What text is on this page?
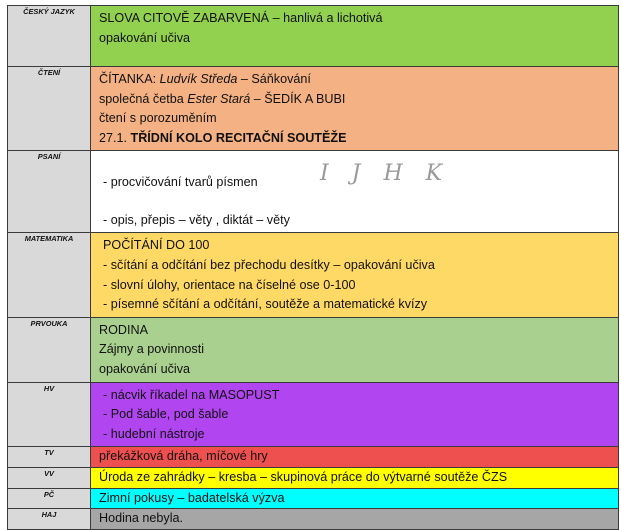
ČESKÝ JAZYK	SLOVA CITOVĚ ZABARVENÁ – hanlivá a lichotivá
opakování učiva

ČTENÍ	ČÍTANKA: Ludvík Středa – Sáňkování
společná četba Ester Stará – ŠEDÍK A BUBI
čtení s porozuměním
27.1. TŘÍDNÍ KOLO RECITAČNÍ SOUTĚŽE

PSANÍ	- procvičování tvarů písmen I J H K
- opis, přepis – věty , diktát – věty

MATEMATIKA	POČÍTÁNÍ DO 100
- sčítání a odčítání bez přechodu desítky – opakování učiva
- slovní úlohy, orientace na číselné ose 0-100
- písemné sčítání a odčítání, soutěže a matematické kvízy

PRVOUKA	RODINA
Zájmy a povinnosti
opakování učiva

HV	- nácvik říkadel na MASOPUST
- Pod šable, pod šable
- hudební nástroje

TV	překážková dráha, míčové hry

VV	Úroda ze zahrádky – kresba – skupinová práce do výtvarné soutěže ČZS

PČ	Zimní pokusy – badatelská výzva

HAJ	Hodina nebyla.
